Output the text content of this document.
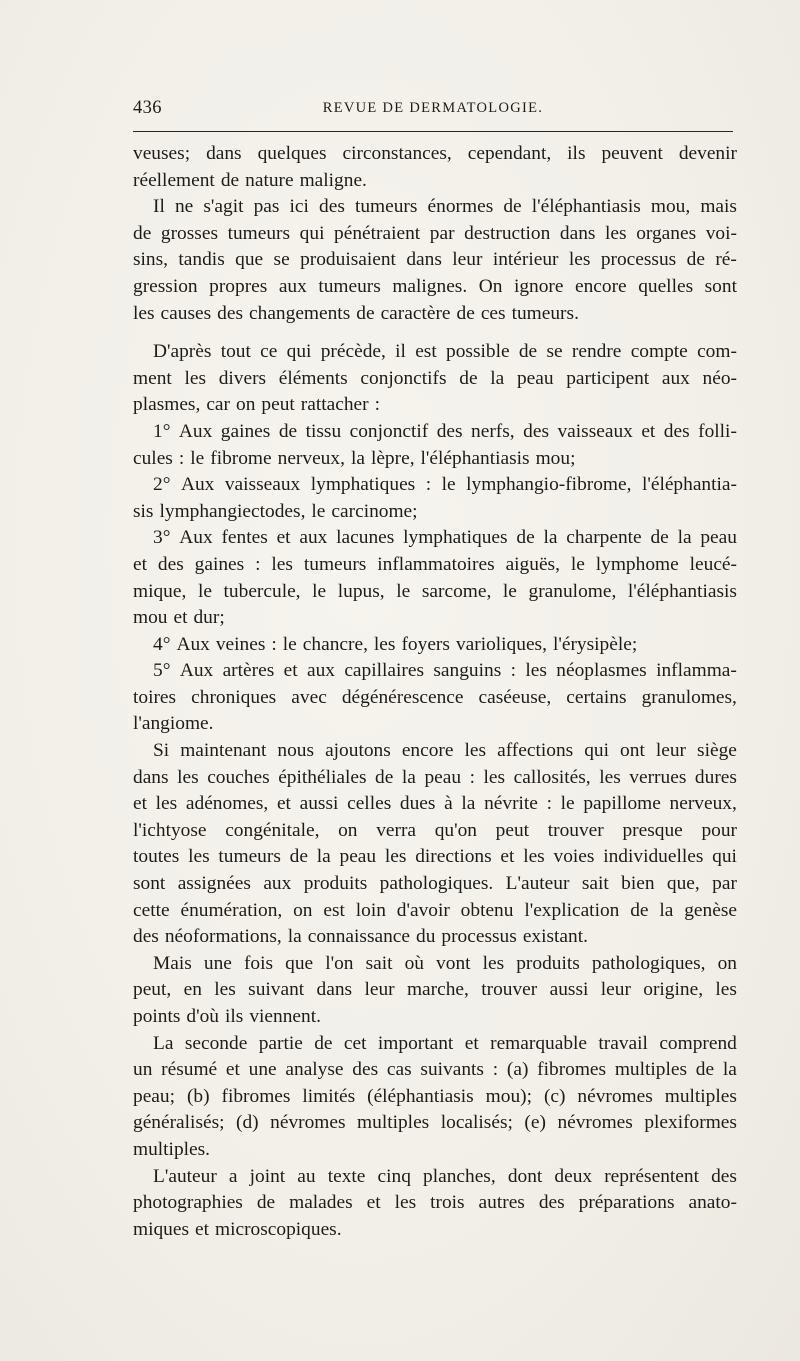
436	REVUE DE DERMATOLOGIE.
veuses; dans quelques circonstances, cependant, ils peuvent devenir
réellement de nature maligne.
Il ne s'agit pas ici des tumeurs énormes de l'éléphantiasis mou, mais
de grosses tumeurs qui pénétraient par destruction dans les organes voi-
sins, tandis que se produisaient dans leur intérieur les processus de ré-
gression propres aux tumeurs malignes. On ignore encore quelles sont
les causes des changements de caractère de ces tumeurs.
D'après tout ce qui précède, il est possible de se rendre compte com-
ment les divers éléments conjonctifs de la peau participent aux néo-
plasmes, car on peut rattacher :
1° Aux gaines de tissu conjonctif des nerfs, des vaisseaux et des folli-
cules : le fibrome nerveux, la lèpre, l'éléphantiasis mou;
2° Aux vaisseaux lymphatiques : le lymphangio-fibrome, l'éléphantia-
sis lymphangiectodes, le carcinome;
3° Aux fentes et aux lacunes lymphatiques de la charpente de la peau
et des gaines : les tumeurs inflammatoires aiguës, le lymphome leucé-
mique, le tubercule, le lupus, le sarcome, le granulome, l'éléphantiasis
mou et dur;
4° Aux veines : le chancre, les foyers varioliques, l'érysipèle;
5° Aux artères et aux capillaires sanguins : les néoplasmes inflamma-
toires chroniques avec dégénérescence caséeuse, certains granulomes,
l'angiome.
Si maintenant nous ajoutons encore les affections qui ont leur siège
dans les couches épithéliales de la peau : les callosités, les verrues dures
et les adénomes, et aussi celles dues à la névrite : le papillome nerveux,
l'ichtyose congénitale, on verra qu'on peut trouver presque pour
toutes les tumeurs de la peau les directions et les voies individuelles qui
sont assignées aux produits pathologiques. L'auteur sait bien que, par
cette énumération, on est loin d'avoir obtenu l'explication de la genèse
des néoformations, la connaissance du processus existant.
Mais une fois que l'on sait où vont les produits pathologiques, on
peut, en les suivant dans leur marche, trouver aussi leur origine, les
points d'où ils viennent.
La seconde partie de cet important et remarquable travail comprend
un résumé et une analyse des cas suivants : (a) fibromes multiples de la
peau; (b) fibromes limités (éléphantiasis mou); (c) névromes multiples
généralisés; (d) névromes multiples localisés; (e) névromes plexiformes
multiples.
L'auteur a joint au texte cinq planches, dont deux représentent des
photographies de malades et les trois autres des préparations anato-
miques et microscopiques.
